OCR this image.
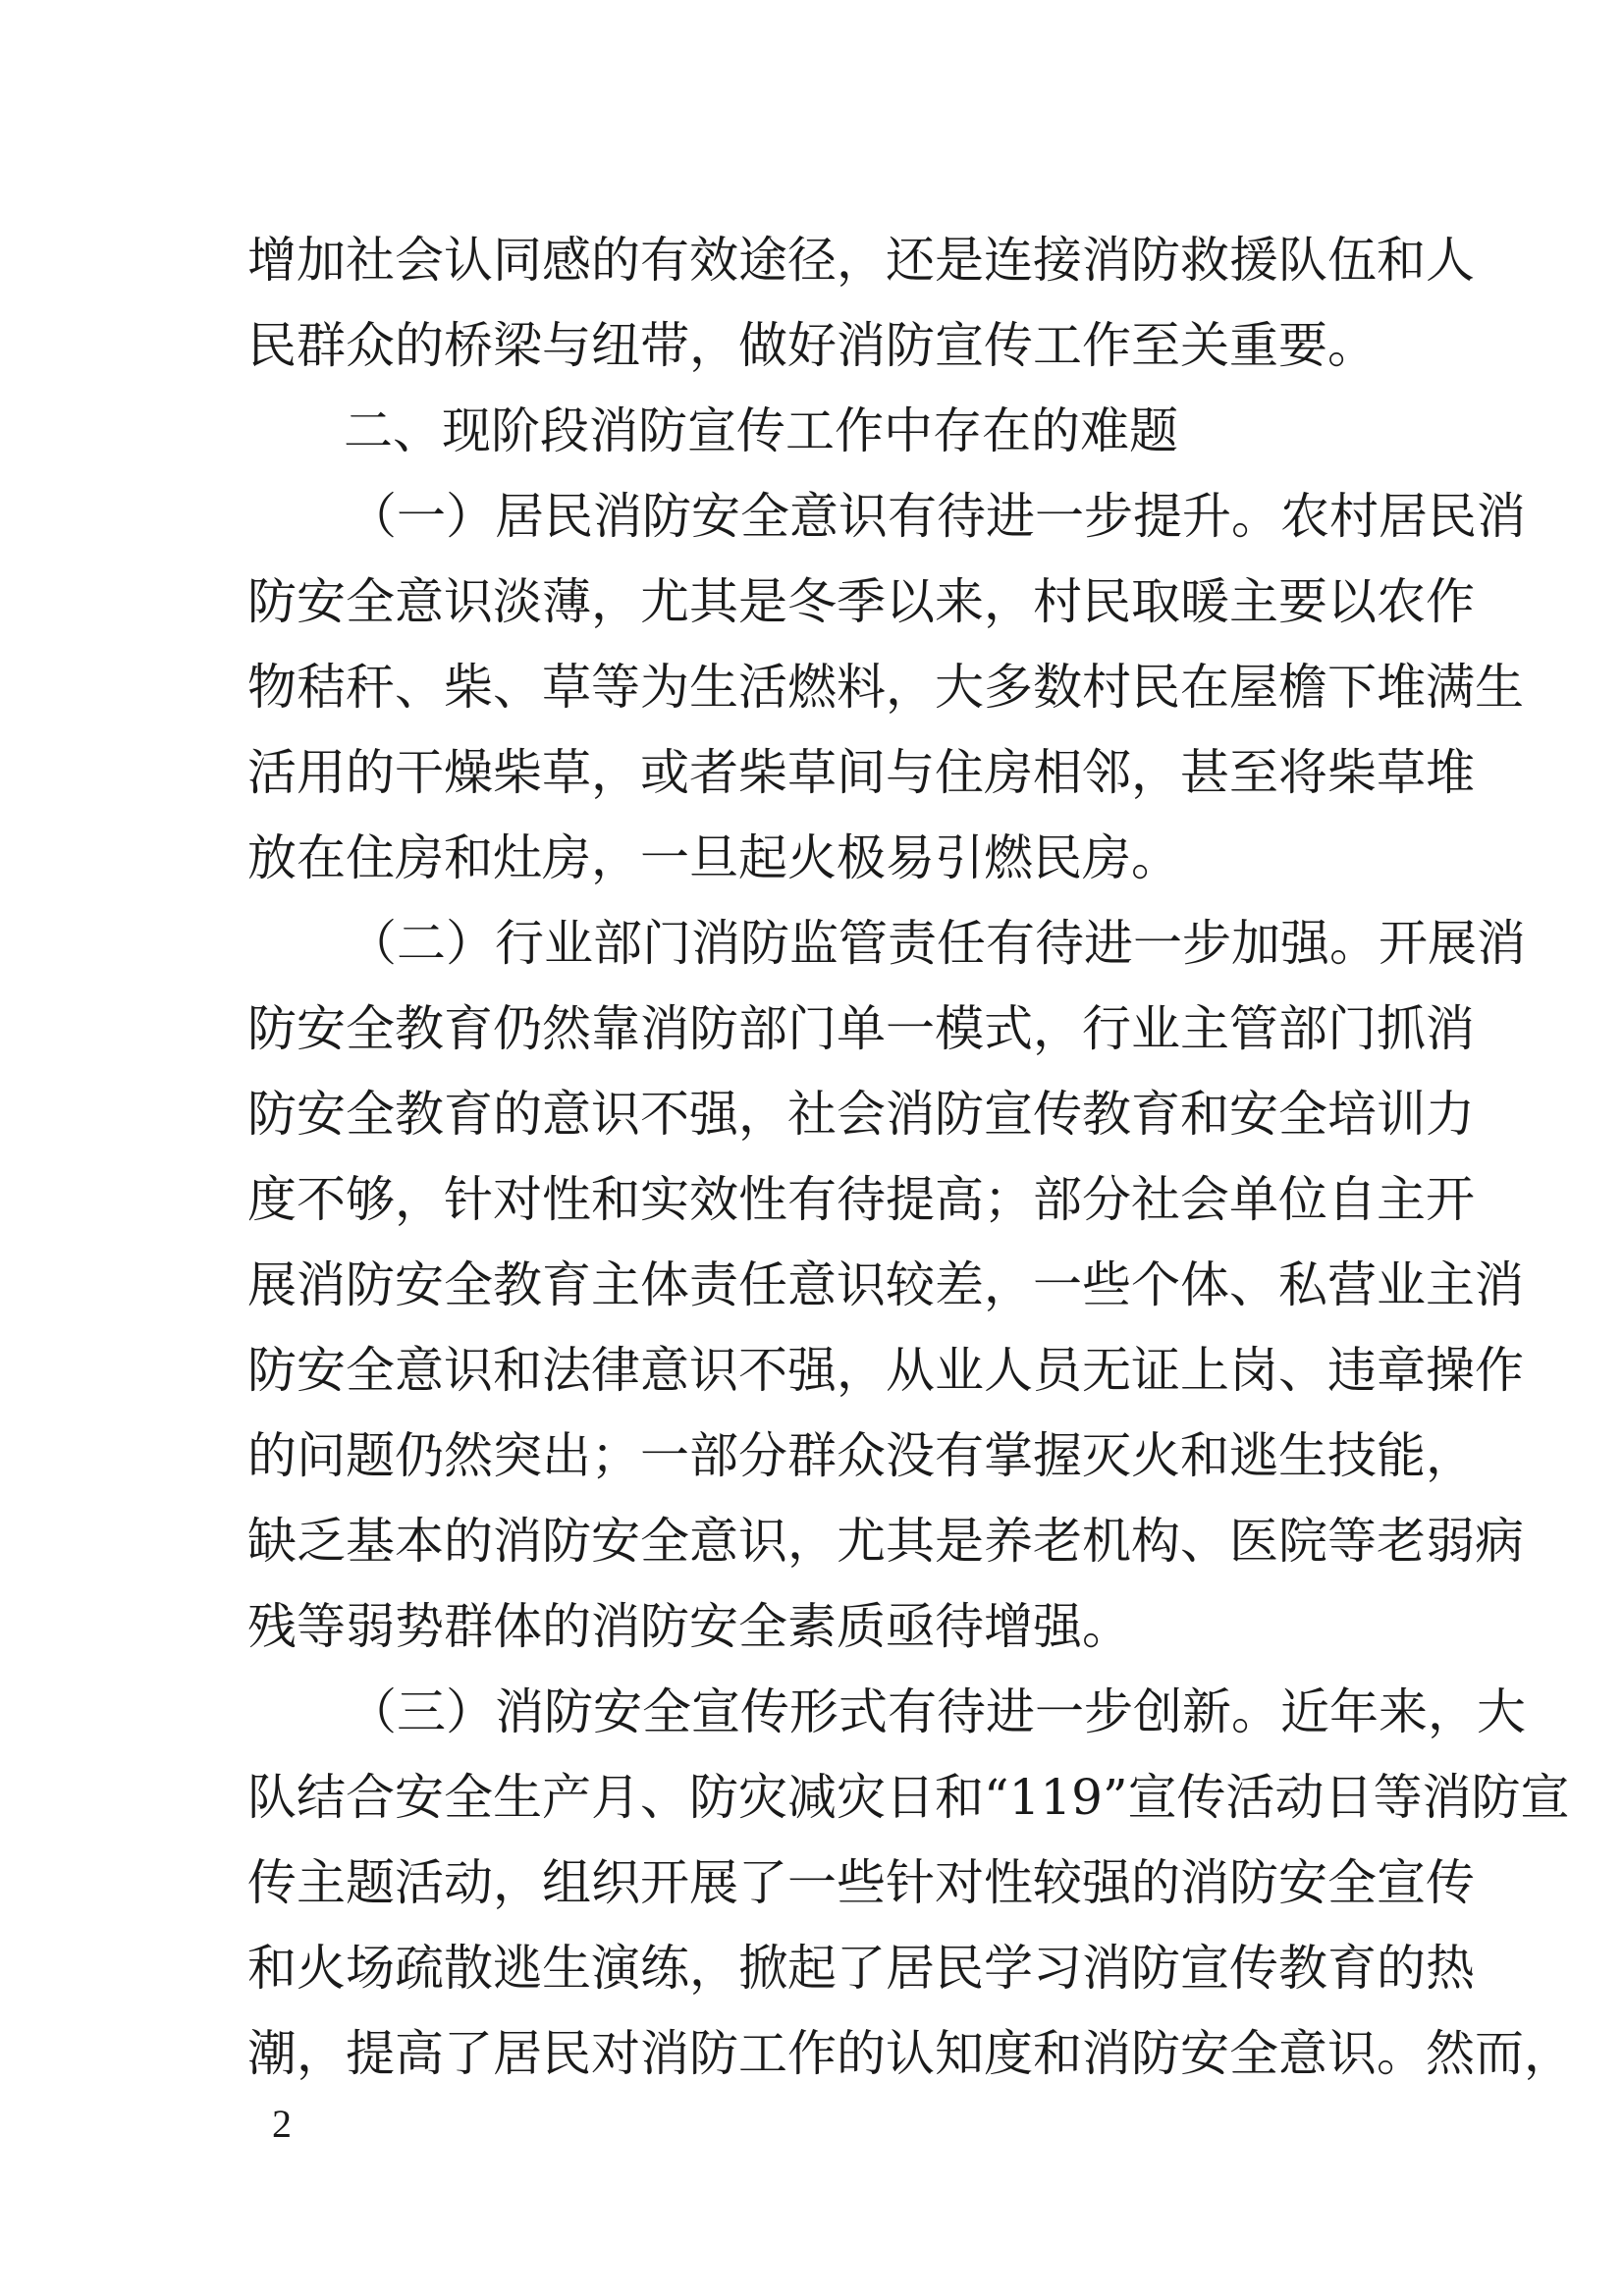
增加社会认同感的有效途径，还是连接消防救援队伍和人
民群众的桥梁与纽带，做好消防宣传工作至关重要。
二、现阶段消防宣传工作中存在的难题
（一）居民消防安全意识有待进一步提升。农村居民消
防安全意识淡薄，尤其是冬季以来，村民取暖主要以农作
物秸秆、柴、草等为生活燃料，大多数村民在屋檐下堆满生
活用的干燥柴草，或者柴草间与住房相邻，甚至将柴草堆
放在住房和灶房，一旦起火极易引燃民房。
（二）行业部门消防监管责任有待进一步加强。开展消
防安全教育仍然靠消防部门单一模式，行业主管部门抓消
防安全教育的意识不强，社会消防宣传教育和安全培训力
度不够，针对性和实效性有待提高；部分社会单位自主开
展消防安全教育主体责任意识较差，一些个体、私营业主消
防安全意识和法律意识不强，从业人员无证上岗、违章操作
的问题仍然突出；一部分群众没有掌握灭火和逃生技能，
缺乏基本的消防安全意识，尤其是养老机构、医院等老弱病
残等弱势群体的消防安全素质亟待增强。
（三）消防安全宣传形式有待进一步创新。近年来，大
队结合安全生产月、防灾减灾日和“119”宣传活动日等消防宣
传主题活动，组织开展了一些针对性较强的消防安全宣传
和火场疏散逃生演练，掀起了居民学习消防宣传教育的热
潮，提高了居民对消防工作的认知度和消防安全意识。然而，
2
